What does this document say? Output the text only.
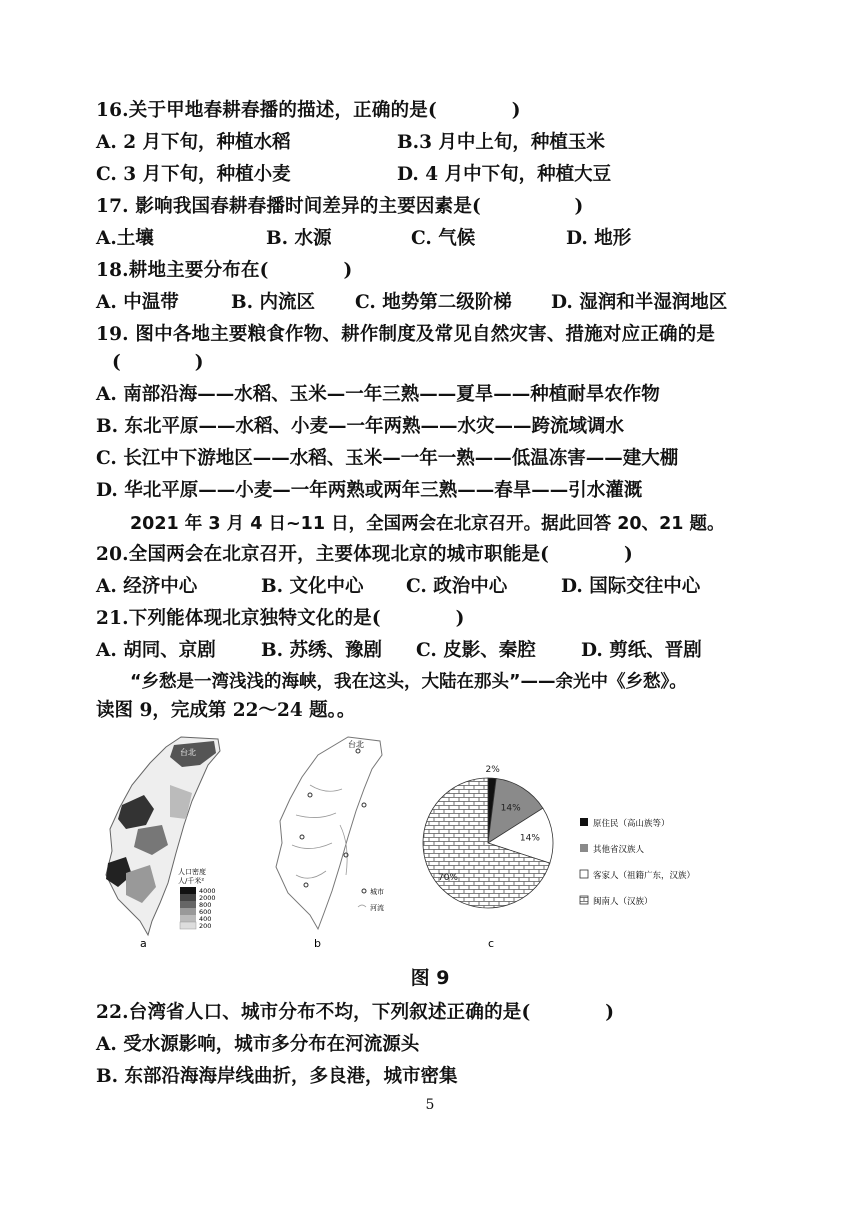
16.关于甲地春耕春播的描述，正确的是(　　　　)
A. 2 月下旬，种植水稻	B.3 月中上旬，种植玉米
C. 3 月下旬，种植小麦	D. 4 月中下旬，种植大豆
17. 影响我国春耕春播时间差异的主要因素是(　　　　　)
A.土壤	B. 水源	C. 气候	D. 地形
18.耕地主要分布在(　　　　)
A. 中温带	B. 内流区 C. 地势第二级阶梯 D. 湿润和半湿润地区
19. 图中各地主要粮食作物、耕作制度及常见自然灾害、措施对应正确的是
(　　　　)
A. 南部沿海——水稻、玉米—一年三熟——夏旱——种植耐旱农作物
B. 东北平原——水稻、小麦—一年两熟——水灾——跨流域调水
C. 长江中下游地区——水稻、玉米—一年一熟——低温冻害——建大棚
D. 华北平原——小麦—一年两熟或两年三熟——春旱——引水灌溉
2021 年 3 月 4 日~11 日，全国两会在北京召开。据此回答 20、21 题。
20.全国两会在北京召开，主要体现北京的城市职能是(　　　　)
A. 经济中心	B. 文化中心 C. 政治中心	D. 国际交往中心
21.下列能体现北京独特文化的是(　　　　)
A. 胡同、京剧 B. 苏绣、豫剧 C. 皮影、秦腔 D. 剪纸、晋剧
“乡愁是一湾浅浅的海峡，我在这头，大陆在那头”——余光中《乡愁》。
读图 9，完成第 22～24 题。。
台北
人口密度
人/千米²
4000
2000
800
600
400
200
a
台北
城市
河流
b	c
2%
14%
14%
70%
原住民（高山族等）
其他省汉族人
客家人（祖籍广东，汉族）
闽南人（汉族）
图 9
22.台湾省人口、城市分布不均，下列叙述正确的是(　　　　)
A. 受水源影响，城市多分布在河流源头
B. 东部沿海海岸线曲折，多良港，城市密集
5
